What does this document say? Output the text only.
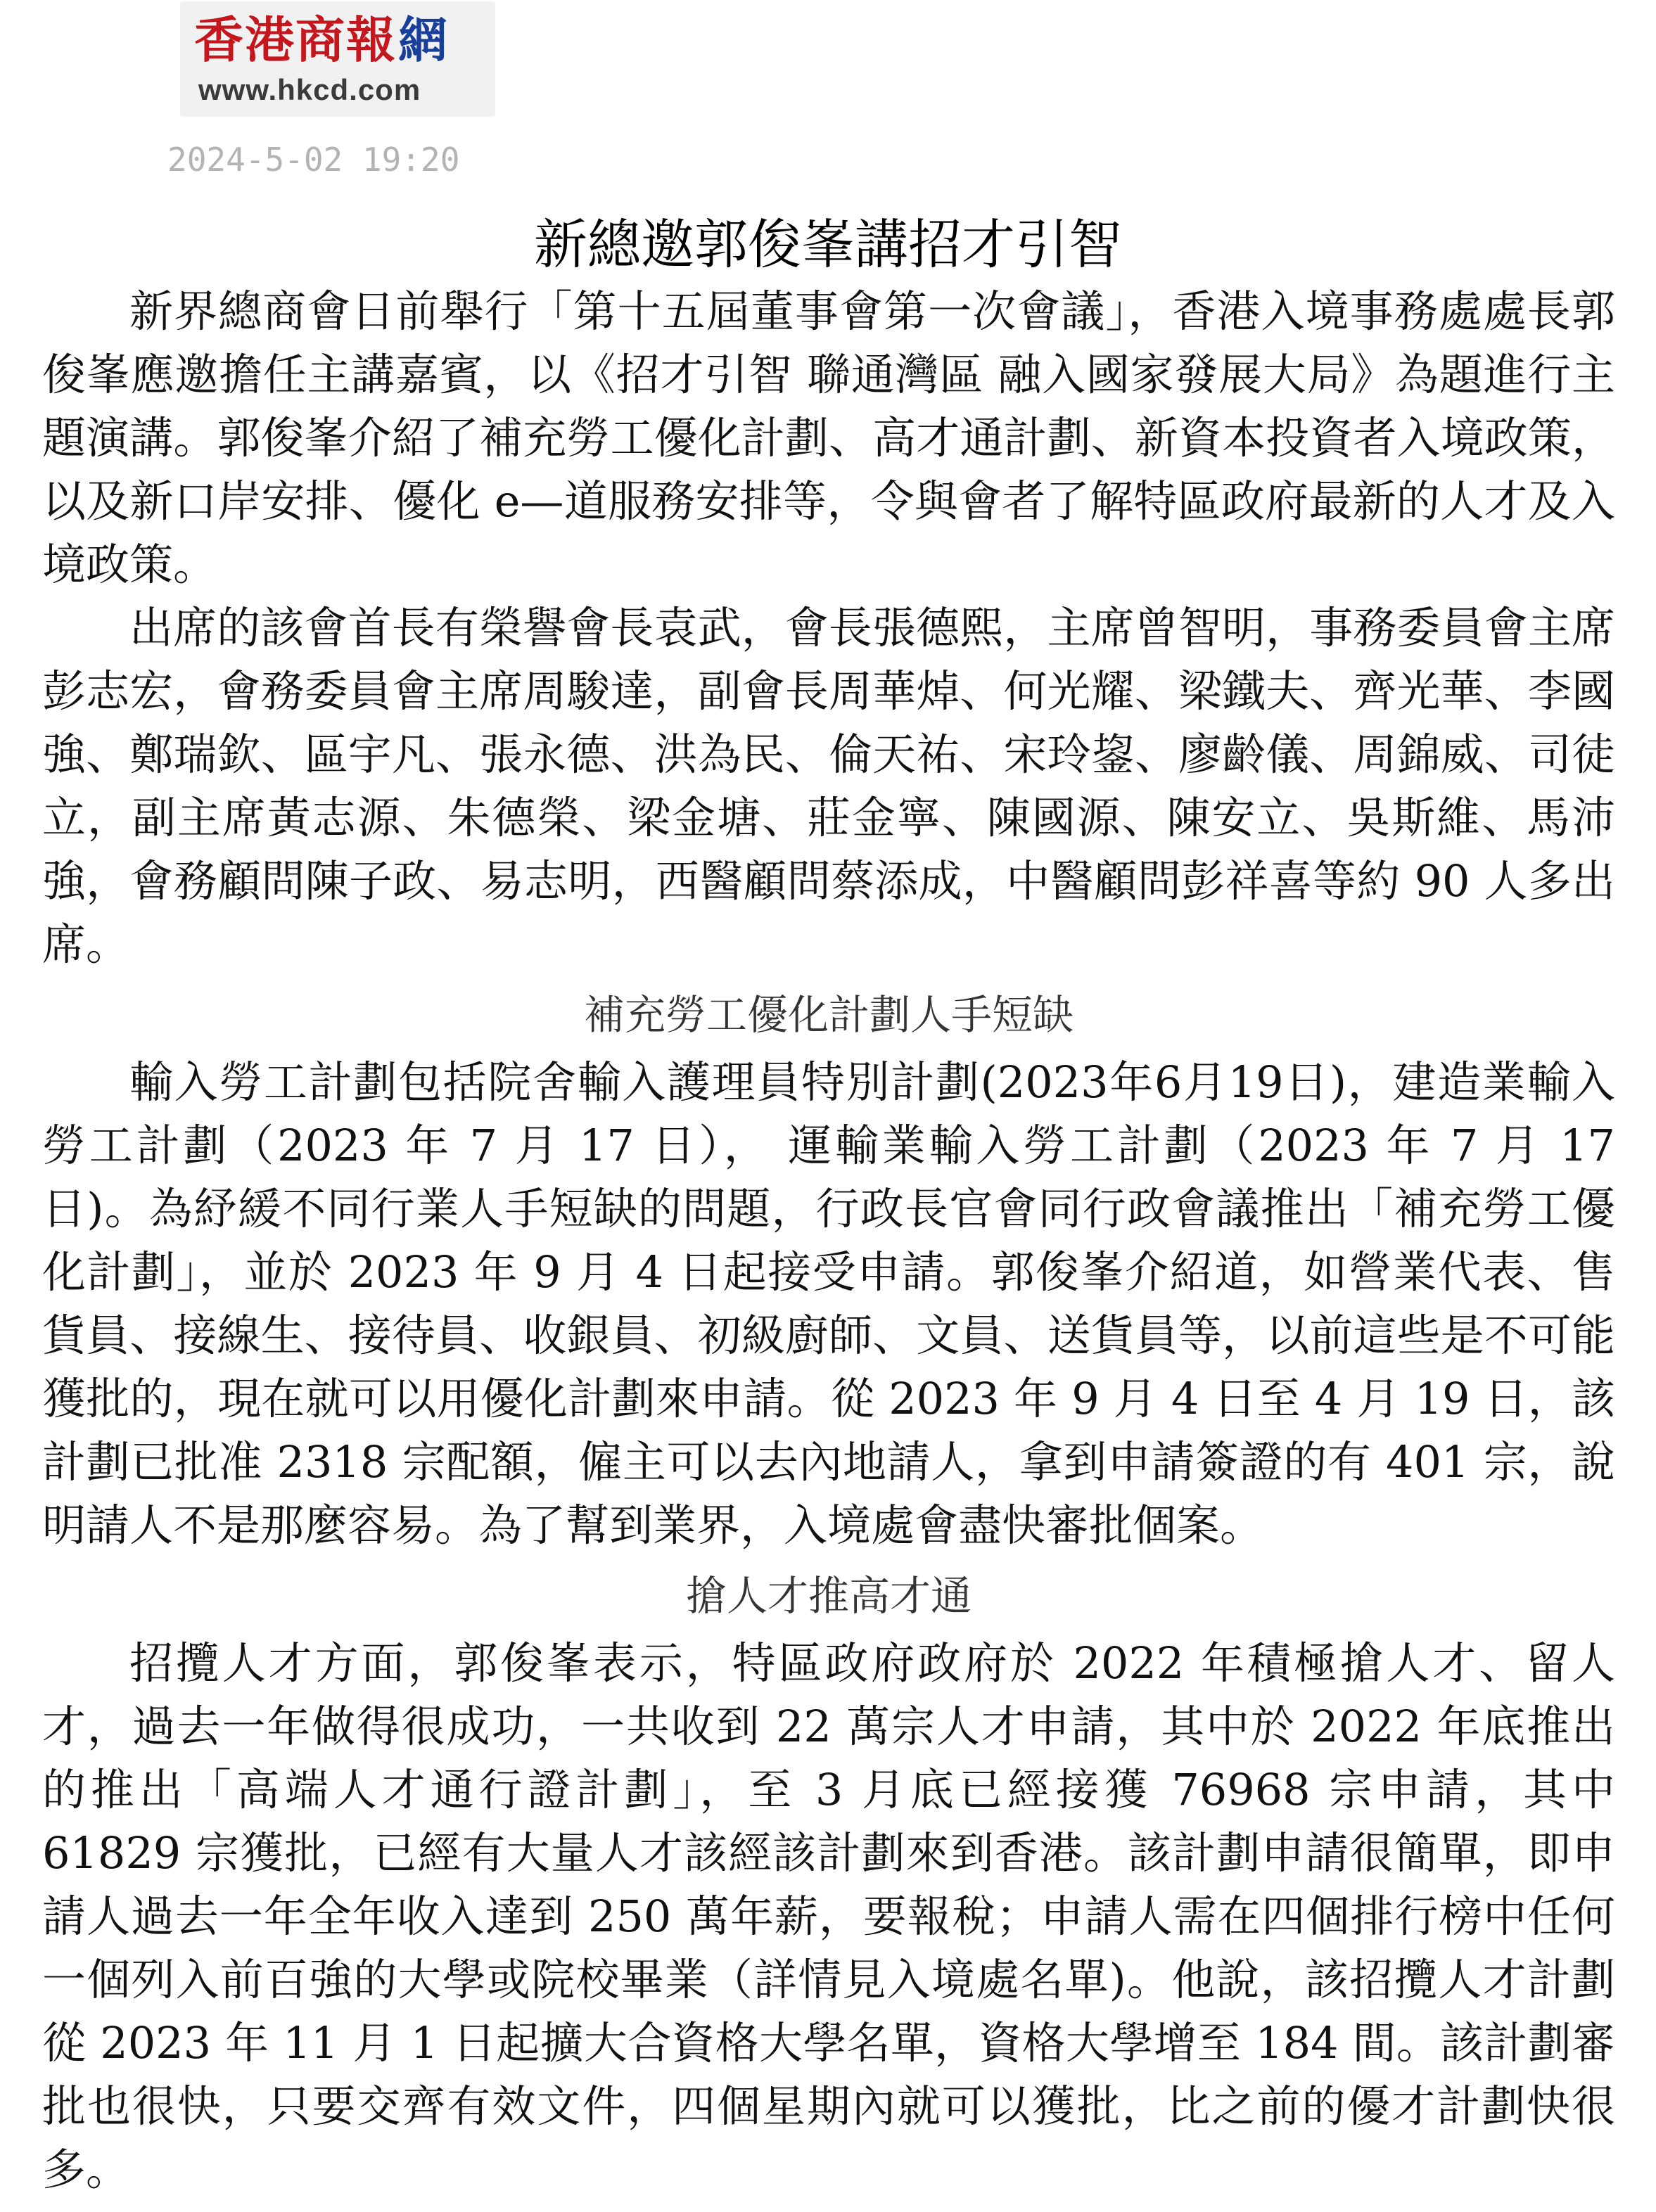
香港商報網
www.hkcd.com
2024-5-02 19:20
新總邀郭俊峯講招才引智

新界總商會日前舉行「第十五屆董事會第一次會議」，香港入境事務處處長郭俊峯應邀擔任主講嘉賓，以《招才引智 聯通灣區 融入國家發展大局》為題進行主題演講。郭俊峯介紹了補充勞工優化計劃、高才通計劃、新資本投資者入境政策，以及新口岸安排、優化 e—道服務安排等，令與會者了解特區政府最新的人才及入境政策。

出席的該會首長有榮譽會長袁武，會長張德熙，主席曾智明，事務委員會主席彭志宏，會務委員會主席周駿達，副會長周華焯、何光耀、梁鐵夫、齊光華、李國強、鄭瑞欽、區宇凡、張永德、洪為民、倫天祐、宋玲鋆、廖齡儀、周錦威、司徒立，副主席黃志源、朱德榮、梁金塘、莊金寧、陳國源、陳安立、吳斯維、馬沛強，會務顧問陳子政、易志明，西醫顧問蔡添成，中醫顧問彭祥喜等約 90 人多出席。

補充勞工優化計劃人手短缺

輸入勞工計劃包括院舍輸入護理員特別計劃(2023年6月19日)，建造業輸入勞工計劃（2023 年 7 月 17 日）， 運輸業輸入勞工計劃（2023 年 7 月 17 日)。為紓緩不同行業人手短缺的問題，行政長官會同行政會議推出「補充勞工優化計劃」，並於 2023 年 9 月 4 日起接受申請。郭俊峯介紹道，如營業代表、售貨員、接線生、接待員、收銀員、初級廚師、文員、送貨員等，以前這些是不可能獲批的，現在就可以用優化計劃來申請。從 2023 年 9 月 4 日至 4 月 19 日，該計劃已批准 2318 宗配額，僱主可以去內地請人，拿到申請簽證的有 401 宗，說明請人不是那麼容易。為了幫到業界，入境處會盡快審批個案。

搶人才推高才通

招攬人才方面，郭俊峯表示，特區政府政府於 2022 年積極搶人才、留人才，過去一年做得很成功，一共收到 22 萬宗人才申請，其中於 2022 年底推出的推出「高端人才通行證計劃」，至 3 月底已經接獲 76968 宗申請，其中 61829 宗獲批，已經有大量人才該經該計劃來到香港。該計劃申請很簡單，即申請人過去一年全年收入達到 250 萬年薪，要報稅；申請人需在四個排行榜中任何一個列入前百強的大學或院校畢業（詳情見入境處名單)。他說，該招攬人才計劃從 2023 年 11 月 1 日起擴大合資格大學名單，資格大學增至 184 間。該計劃審批也很快，只要交齊有效文件，四個星期內就可以獲批，比之前的優才計劃快很多。
